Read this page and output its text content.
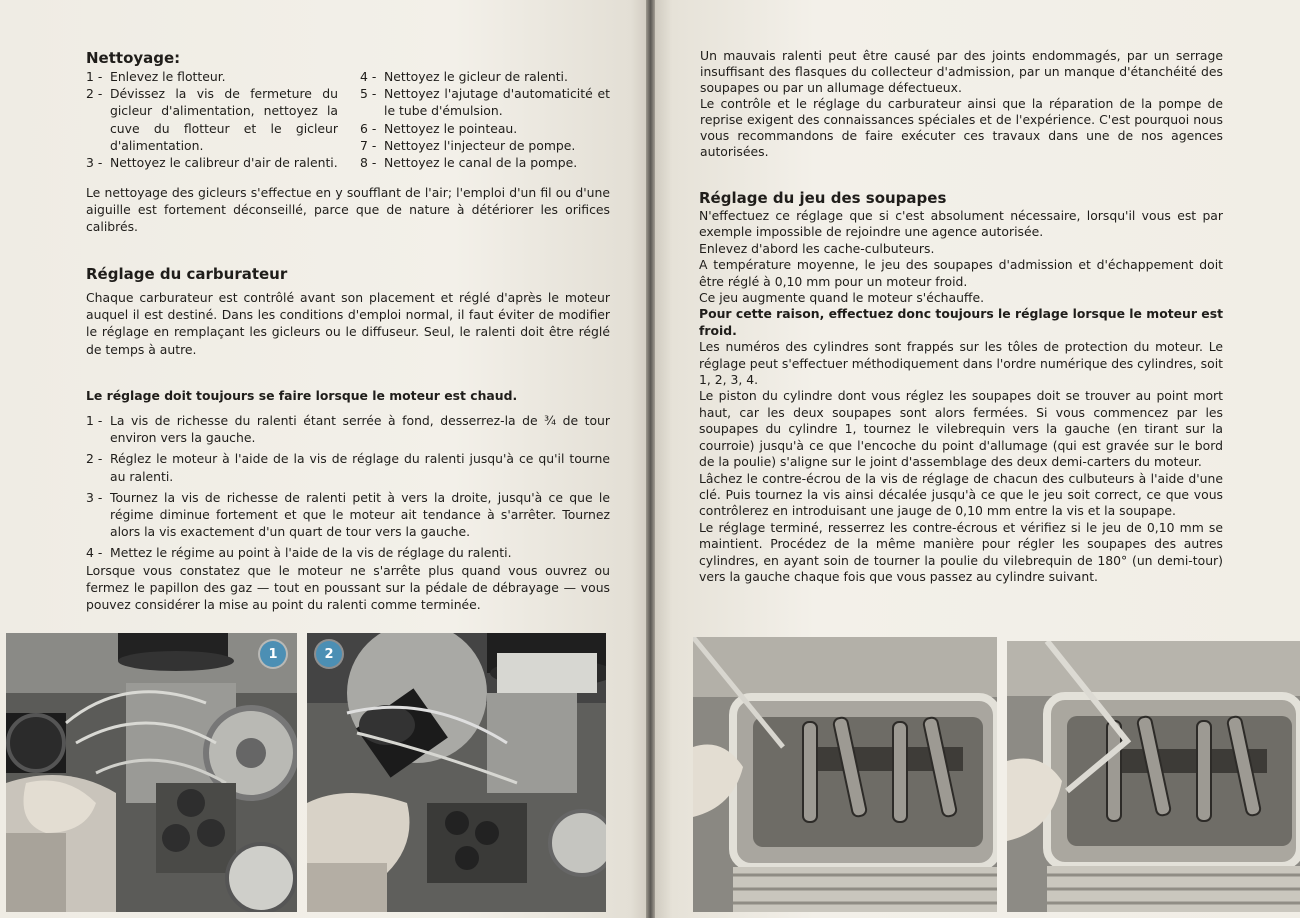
Nettoyage:
1 - Enlevez le flotteur.
2 - Dévissez la vis de fermeture du gicleur d'alimentation, nettoyez la cuve du flotteur et le gicleur d'alimentation.
3 - Nettoyez le calibreur d'air de ralenti.
4 - Nettoyez le gicleur de ralenti.
5 - Nettoyez l'ajutage d'automaticité et le tube d'émulsion.
6 - Nettoyez le pointeau.
7 - Nettoyez l'injecteur de pompe.
8 - Nettoyez le canal de la pompe.

Le nettoyage des gicleurs s'effectue en y soufflant de l'air; l'emploi d'un fil ou d'une aiguille est fortement déconseillé, parce que de nature à détériorer les orifices calibrés.

Réglage du carburateur

Chaque carburateur est contrôlé avant son placement et réglé d'après le moteur auquel il est destiné. Dans les conditions d'emploi normal, il faut éviter de modifier le réglage en remplaçant les gicleurs ou le diffuseur. Seul, le ralenti doit être réglé de temps à autre.

Le réglage doit toujours se faire lorsque le moteur est chaud.

1 - La vis de richesse du ralenti étant serrée à fond, desserrez-la de ¾ de tour environ vers la gauche.
2 - Réglez le moteur à l'aide de la vis de réglage du ralenti jusqu'à ce qu'il tourne au ralenti.
3 - Tournez la vis de richesse de ralenti petit à vers la droite, jusqu'à ce que le régime diminue fortement et que le moteur ait tendance à s'arrêter. Tournez alors la vis exactement d'un quart de tour vers la gauche.
4 - Mettez le régime au point à l'aide de la vis de réglage du ralenti.

Lorsque vous constatez que le moteur ne s'arrête plus quand vous ouvrez ou fermez le papillon des gaz — tout en poussant sur la pédale de débrayage — vous pouvez considérer la mise au point du ralenti comme terminée.

1	2

Un mauvais ralenti peut être causé par des joints endommagés, par un serrage insuffisant des flasques du collecteur d'admission, par un manque d'étanchéité des soupapes ou par un allumage défectueux.

Le contrôle et le réglage du carburateur ainsi que la réparation de la pompe de reprise exigent des connaissances spéciales et de l'expérience. C'est pourquoi nous vous recommandons de faire exécuter ces travaux dans une de nos agences autorisées.

Réglage du jeu des soupapes

N'effectuez ce réglage que si c'est absolument nécessaire, lorsqu'il vous est par exemple impossible de rejoindre une agence autorisée.

Enlevez d'abord les cache-culbuteurs.

A température moyenne, le jeu des soupapes d'admission et d'échappement doit être réglé à 0,10 mm pour un moteur froid.

Ce jeu augmente quand le moteur s'échauffe.

Pour cette raison, effectuez donc toujours le réglage lorsque le moteur est froid.

Les numéros des cylindres sont frappés sur les tôles de protection du moteur. Le réglage peut s'effectuer méthodiquement dans l'ordre numérique des cylindres, soit 1, 2, 3, 4.

Le piston du cylindre dont vous réglez les soupapes doit se trouver au point mort haut, car les deux soupapes sont alors fermées. Si vous commencez par les soupapes du cylindre 1, tournez le vilebrequin vers la gauche (en tirant sur la courroie) jusqu'à ce que l'encoche du point d'allumage (qui est gravée sur le bord de la poulie) s'aligne sur le joint d'assemblage des deux demi-carters du moteur.

Lâchez le contre-écrou de la vis de réglage de chacun des culbuteurs à l'aide d'une clé. Puis tournez la vis ainsi décalée jusqu'à ce que le jeu soit correct, ce que vous contrôlerez en introduisant une jauge de 0,10 mm entre la vis et la soupape.

Le réglage terminé, resserrez les contre-écrous et vérifiez si le jeu de 0,10 mm se maintient. Procédez de la même manière pour régler les soupapes des autres cylindres, en ayant soin de tourner la poulie du vilebrequin de 180° (un demi-tour) vers la gauche chaque fois que vous passez au cylindre suivant.
